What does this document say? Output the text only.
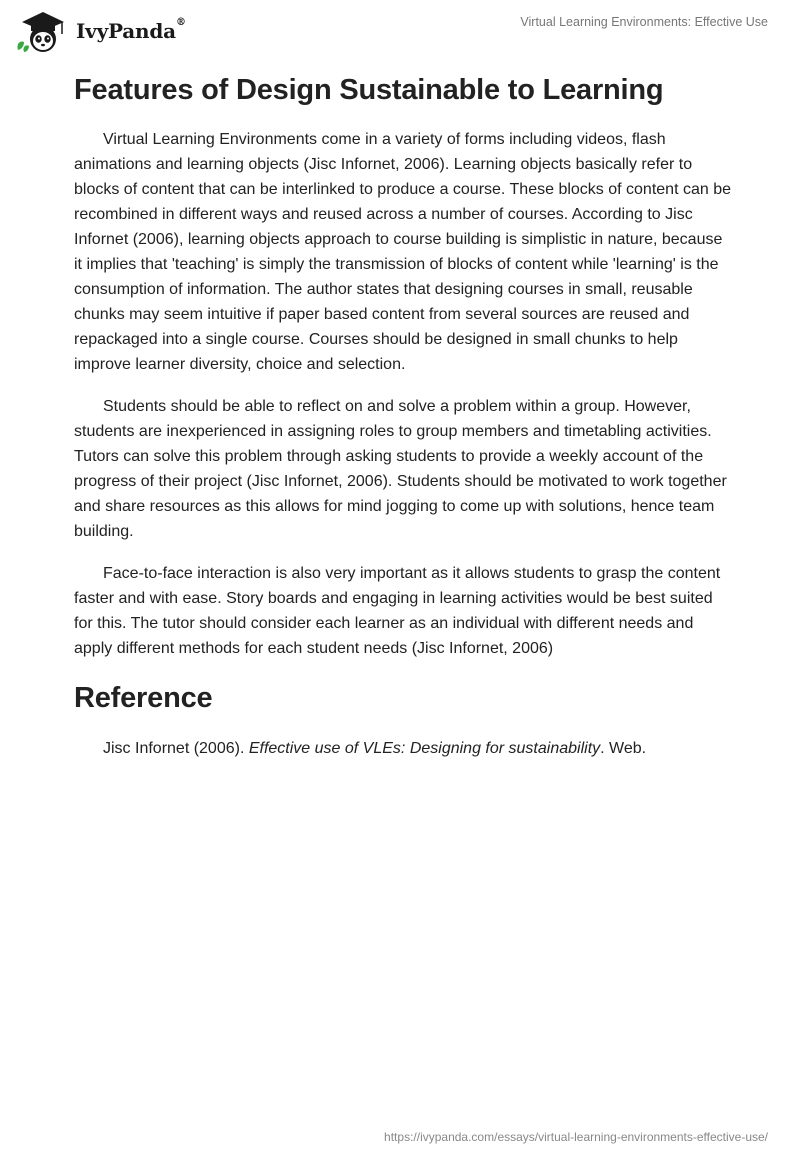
IvyPanda®	Virtual Learning Environments: Effective Use
Features of Design Sustainable to Learning

Virtual Learning Environments come in a variety of forms including videos, flash animations and learning objects (Jisc Infornet, 2006). Learning objects basically refer to blocks of content that can be interlinked to produce a course. These blocks of content can be recombined in different ways and reused across a number of courses. According to Jisc Infornet (2006), learning objects approach to course building is simplistic in nature, because it implies that 'teaching' is simply the transmission of blocks of content while 'learning' is the consumption of information. The author states that designing courses in small, reusable chunks may seem intuitive if paper based content from several sources are reused and repackaged into a single course. Courses should be designed in small chunks to help improve learner diversity, choice and selection.

Students should be able to reflect on and solve a problem within a group. However, students are inexperienced in assigning roles to group members and timetabling activities. Tutors can solve this problem through asking students to provide a weekly account of the progress of their project (Jisc Infornet, 2006). Students should be motivated to work together and share resources as this allows for mind jogging to come up with solutions, hence team building.

Face-to-face interaction is also very important as it allows students to grasp the content faster and with ease. Story boards and engaging in learning activities would be best suited for this. The tutor should consider each learner as an individual with different needs and apply different methods for each student needs (Jisc Infornet, 2006)

Reference

Jisc Infornet (2006). Effective use of VLEs: Designing for sustainability. Web.

https://ivypanda.com/essays/virtual-learning-environments-effective-use/
